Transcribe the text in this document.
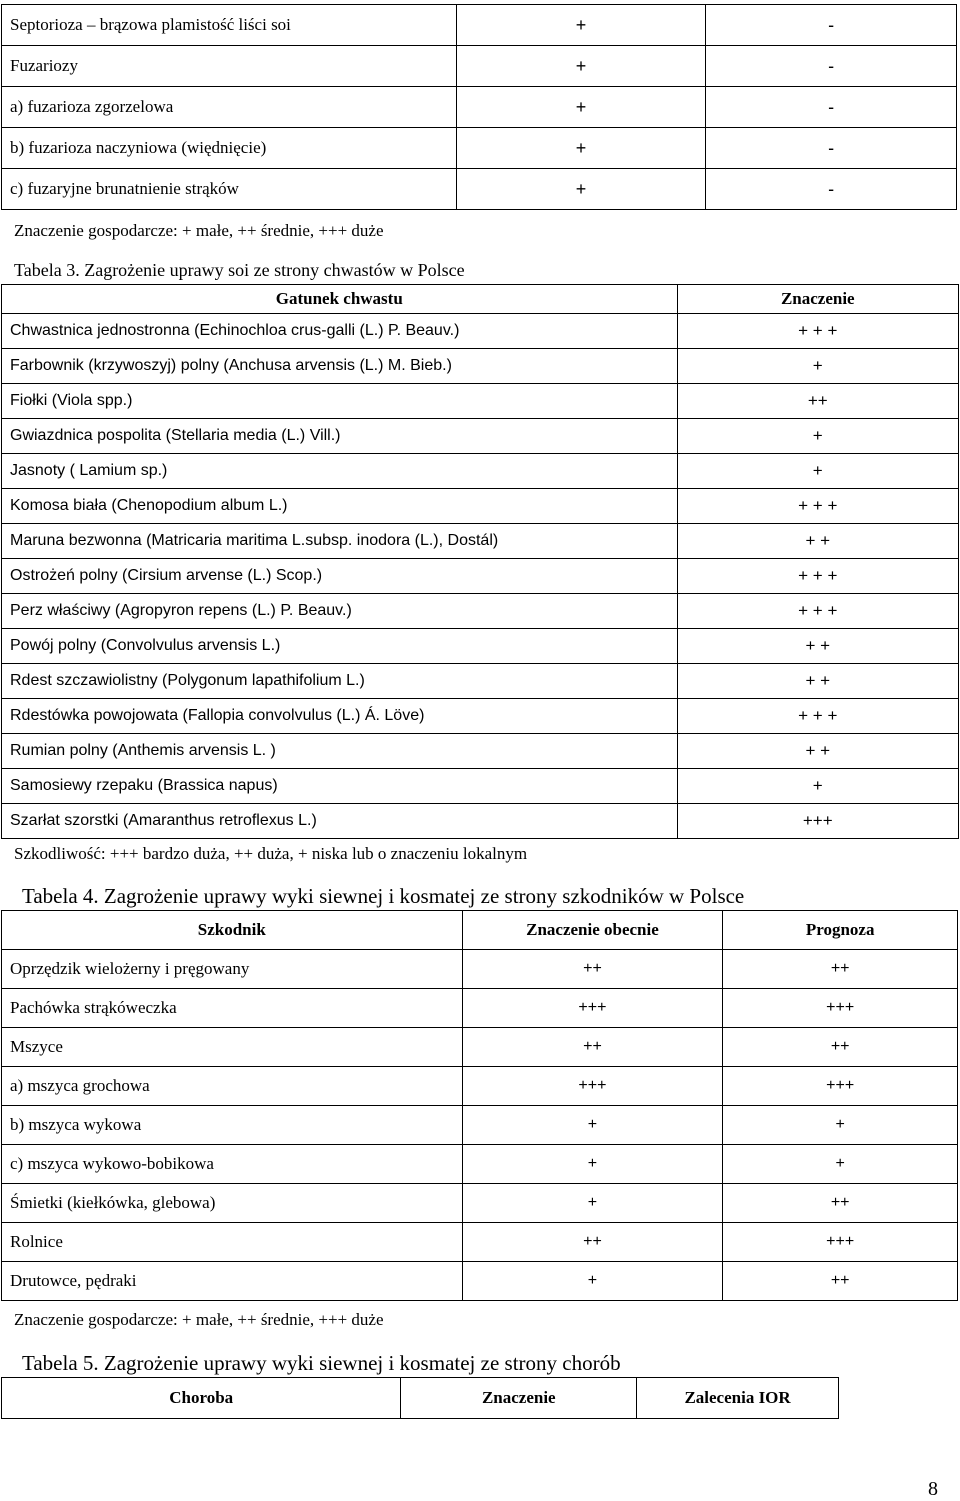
Septorioza – brązowa plamistość liści soi	+	-
Fuzariozy	+	-
a) fuzarioza zgorzelowa	+	-
b) fuzarioza naczyniowa (więdnięcie)	+	-
c) fuzaryjne brunatnienie strąków	+	-
Znaczenie gospodarcze: + małe, ++ średnie, +++ duże
Tabela 3. Zagrożenie uprawy soi ze strony chwastów w Polsce
Gatunek chwastu	Znaczenie
Chwastnica jednostronna (Echinochloa crus-galli (L.) P. Beauv.)	+ + +
Farbownik (krzywoszyj) polny (Anchusa arvensis (L.) M. Bieb.)	+
Fiołki (Viola spp.)	++
Gwiazdnica pospolita (Stellaria media (L.) Vill.)	+
Jasnoty ( Lamium sp.)	+
Komosa biała (Chenopodium album L.)	+ + +
Maruna bezwonna (Matricaria maritima L.subsp. inodora (L.), Dostál)	+ +
Ostrożeń polny (Cirsium arvense (L.) Scop.)	+ + +
Perz właściwy (Agropyron repens (L.) P. Beauv.)	+ + +
Powój polny (Convolvulus arvensis L.)	+ +
Rdest szczawiolistny (Polygonum lapathifolium L.)	+ +
Rdestówka powojowata (Fallopia convolvulus (L.) Á. Löve)	+ + +
Rumian polny (Anthemis arvensis L. )	+ +
Samosiewy rzepaku (Brassica napus)	+
Szarłat szorstki (Amaranthus retroflexus L.)	+++
Szkodliwość: +++ bardzo duża, ++ duża, + niska lub o znaczeniu lokalnym
Tabela 4. Zagrożenie uprawy wyki siewnej i kosmatej ze strony szkodników w Polsce
Szkodnik	Znaczenie obecnie	Prognoza
Oprzędzik wielożerny i pręgowany	++	++
Pachówka strąkóweczka	+++	+++
Mszyce	++	++
a) mszyca grochowa	+++	+++
b) mszyca wykowa	+	+
c) mszyca wykowo-bobikowa	+	+
Śmietki (kiełkówka, glebowa)	+	++
Rolnice	++	+++
Drutowce, pędraki	+	++
Znaczenie gospodarcze: + małe, ++ średnie, +++ duże
Tabela 5. Zagrożenie uprawy wyki siewnej i kosmatej ze strony chorób
Choroba	Znaczenie	Zalecenia IOR
8
